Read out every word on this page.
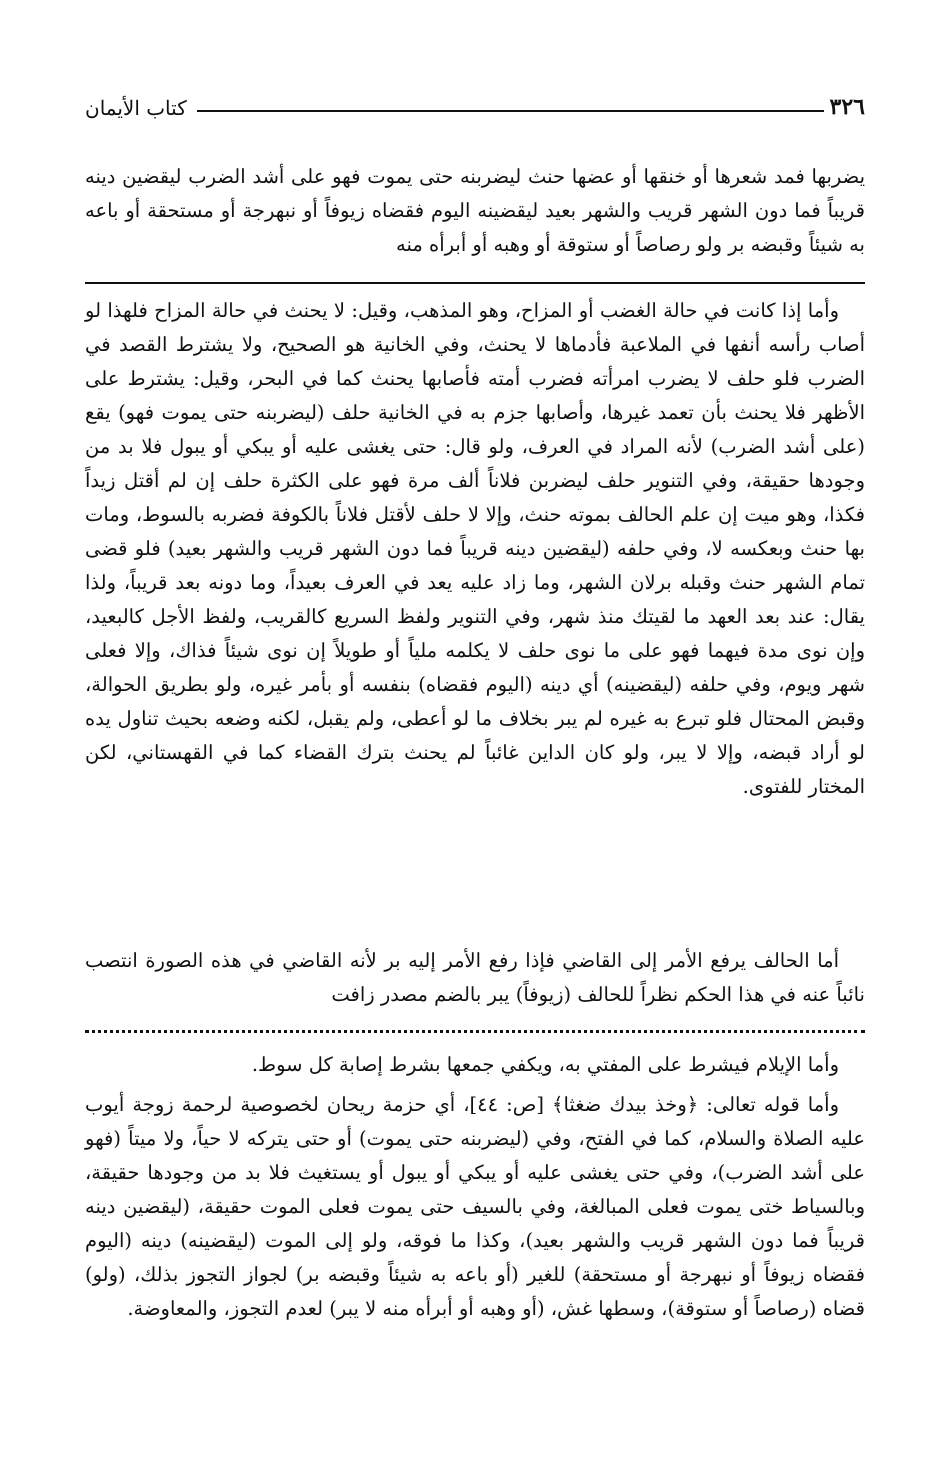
٣٢٦
كتاب الأيمان

يضربها فمد شعرها أو خنقها أو عضها حنث ليضربنه حتى يموت فهو على أشد الضرب ليقضين دينه قريباً فما دون الشهر قريب والشهر بعيد ليقضينه اليوم فقضاه زيوفاً أو نبهرجة أو مستحقة أو باعه به شيئاً وقبضه بر ولو رصاصاً أو ستوقة أو وهبه أو أبرأه منه

وأما إذا كانت في حالة الغضب أو المزاح، وهو المذهب، وقيل: لا يحنث في حالة المزاح فلهذا لو أصاب رأسه أنفها في الملاعبة فأدماها لا يحنث، وفي الخانية هو الصحيح، ولا يشترط القصد في الضرب فلو حلف لا يضرب امرأته فضرب أمته فأصابها يحنث كما في البحر، وقيل: يشترط على الأظهر فلا يحنث بأن تعمد غيرها، وأصابها جزم به في الخانية حلف (ليضربنه حتى يموت فهو) يقع (على أشد الضرب) لأنه المراد في العرف، ولو قال: حتى يغشى عليه أو يبكي أو يبول فلا بد من وجودها حقيقة، وفي التنوير حلف ليضربن فلاناً ألف مرة فهو على الكثرة حلف إن لم أقتل زيداً فكذا، وهو ميت إن علم الحالف بموته حنث، وإلا لا حلف لأقتل فلاناً بالكوفة فضربه بالسوط، ومات بها حنث وبعكسه لا، وفي حلفه (ليقضين دينه قريباً فما دون الشهر قريب والشهر بعيد) فلو قضى تمام الشهر حنث وقبله برلان الشهر، وما زاد عليه يعد في العرف بعيداً، وما دونه بعد قريباً، ولذا يقال: عند بعد العهد ما لقيتك منذ شهر، وفي التنوير ولفظ السريع كالقريب، ولفظ الأجل كالبعيد، وإن نوى مدة فيهما فهو على ما نوى حلف لا يكلمه ملياً أو طويلاً إن نوى شيئاً فذاك، وإلا فعلى شهر ويوم، وفي حلفه (ليقضينه) أي دينه (اليوم فقضاه) بنفسه أو بأمر غيره، ولو بطريق الحوالة، وقبض المحتال فلو تبرع به غيره لم يبر بخلاف ما لو أعطى، ولم يقبل، لكنه وضعه بحيث تناول يده لو أراد قبضه، وإلا لا يبر، ولو كان الداين غائباً لم يحنث بترك القضاء كما في القهستاني، لكن المختار للفتوى.

أما الحالف يرفع الأمر إلى القاضي فإذا رفع الأمر إليه بر لأنه القاضي في هذه الصورة انتصب نائباً عنه في هذا الحكم نظراً للحالف (زيوفاً) يبر بالضم مصدر زافت

وأما الإيلام فيشرط على المفتي به، ويكفي جمعها بشرط إصابة كل سوط.

وأما قوله تعالى: ﴿وخذ بيدك ضغثا﴾ [ص: ٤٤]، أي حزمة ريحان لخصوصية لرحمة زوجة أيوب عليه الصلاة والسلام، كما في الفتح، وفي (ليضربنه حتى يموت) أو حتى يتركه لا حياً، ولا ميتاً (فهو على أشد الضرب)، وفي حتى يغشى عليه أو يبكي أو يبول أو يستغيث فلا بد من وجودها حقيقة، وبالسياط ختى يموت فعلى المبالغة، وفي بالسيف حتى يموت فعلى الموت حقيقة، (ليقضين دينه قريباً فما دون الشهر قريب والشهر بعيد)، وكذا ما فوقه، ولو إلى الموت (ليقضينه) دينه (اليوم فقضاه زيوفاً أو نبهرجة أو مستحقة) للغير (أو باعه به شيئاً وقبضه بر) لجواز التجوز بذلك، (ولو) قضاه (رصاصاً أو ستوقة)، وسطها غش، (أو وهبه أو أبرأه منه لا يبر) لعدم التجوز، والمعاوضة.
